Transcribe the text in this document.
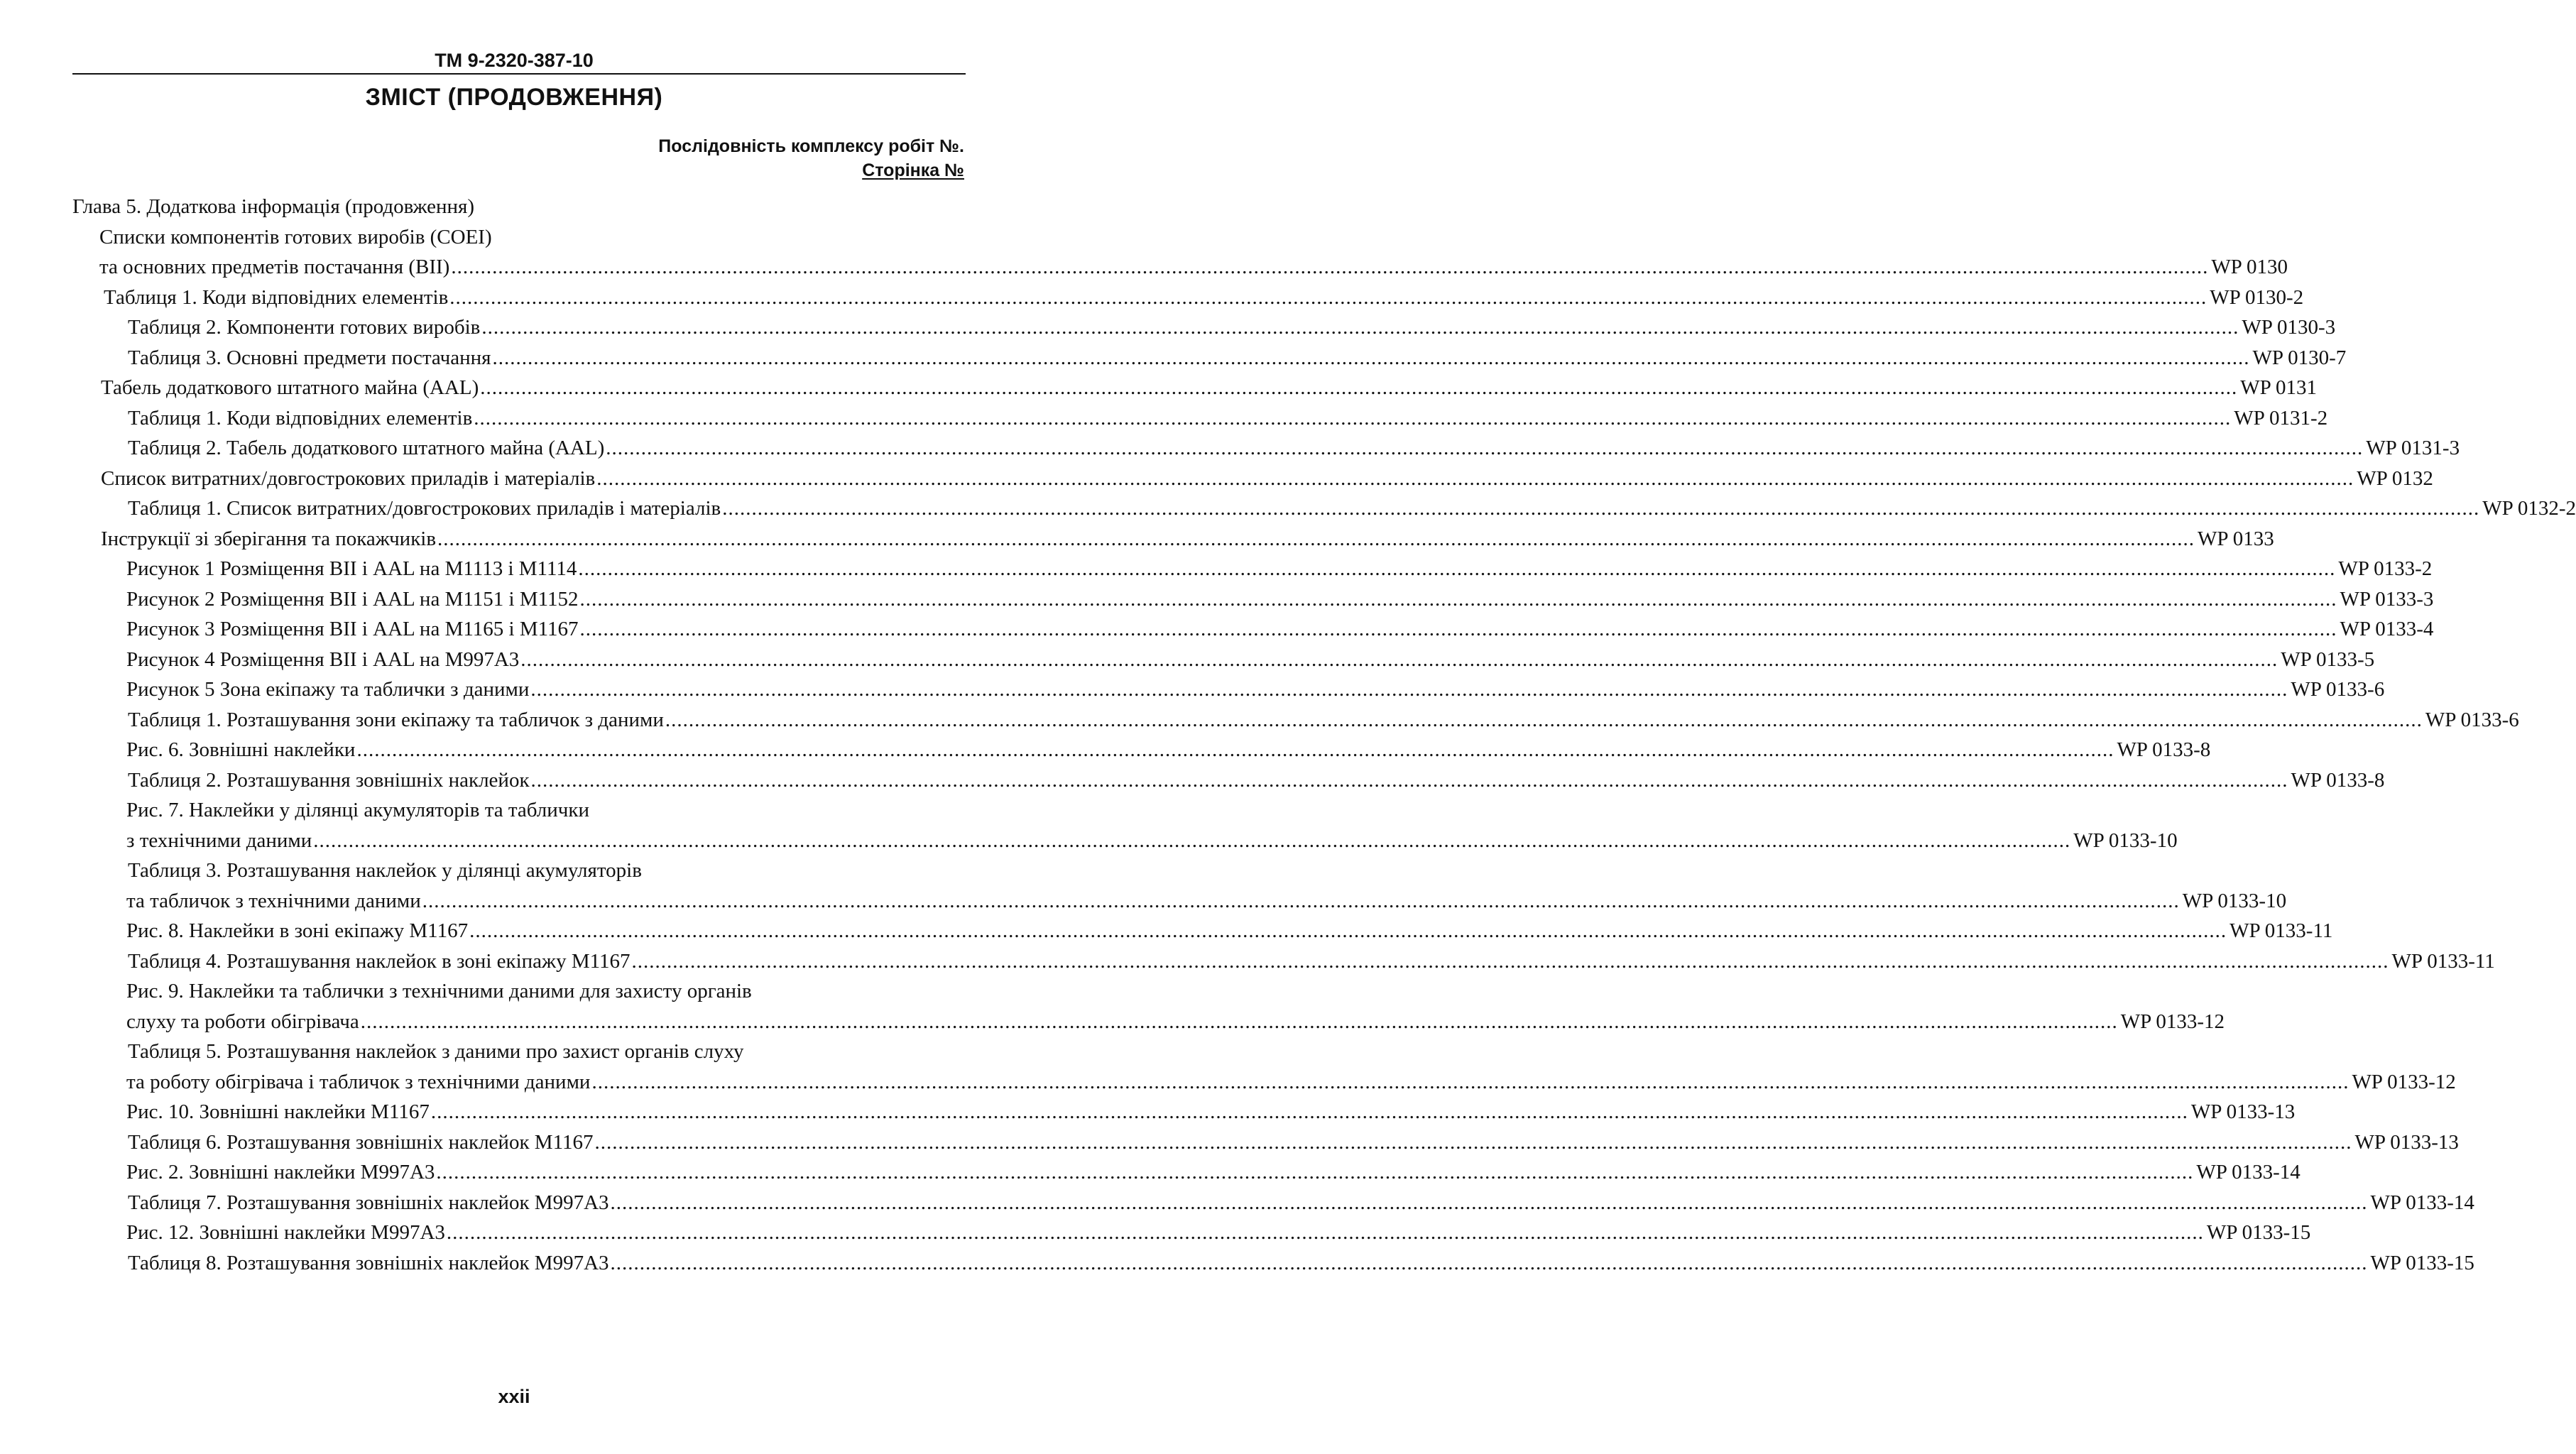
TM 9-2320-387-10
ЗМІСТ (ПРОДОВЖЕННЯ)
Послідовність комплексу робіт №.
Сторінка №
Глава 5. Додаткова інформація (продовження)
Списки компонентів готових виробів (COEI)
та основних предметів постачання (BII) ............................................................................................................................................................................................................................................................................................................ WP 0130
Таблиця 1. Коди відповідних елементів ............................................................................................................................................................................................................................................................................................................ WP 0130-2
Таблиця 2. Компоненти готових виробів ............................................................................................................................................................................................................................................................................................................ WP 0130-3
Таблиця 3. Основні предмети постачання ............................................................................................................................................................................................................................................................................................................ WP 0130-7
Табель додаткового штатного майна (AAL) ............................................................................................................................................................................................................................................................................................................ WP 0131
Таблиця 1. Коди відповідних елементів ............................................................................................................................................................................................................................................................................................................ WP 0131-2
Таблиця 2. Табель додаткового штатного майна (AAL) ............................................................................................................................................................................................................................................................................................................ WP 0131-3
Список витратних/довгострокових приладів і матеріалів ............................................................................................................................................................................................................................................................................................................ WP 0132
Таблиця 1. Список витратних/довгострокових приладів і матеріалів ............................................................................................................................................................................................................................................................................................................ WP 0132-2
Інструкції зі зберігання та покажчиків ............................................................................................................................................................................................................................................................................................................ WP 0133
Рисунок 1 Розміщення BII і AAL на M1113 і M1114 ............................................................................................................................................................................................................................................................................................................ WP 0133-2
Рисунок 2 Розміщення BII і AAL на M1151 і M1152 ............................................................................................................................................................................................................................................................................................................ WP 0133-3
Рисунок 3 Розміщення BII і AAL на M1165 і M1167 ............................................................................................................................................................................................................................................................................................................ WP 0133-4
Рисунок 4 Розміщення BII і AAL на M997A3 ............................................................................................................................................................................................................................................................................................................ WP 0133-5
Рисунок 5 Зона екіпажу та таблички з даними ............................................................................................................................................................................................................................................................................................................ WP 0133-6
Таблиця 1. Розташування зони екіпажу та табличок з даними ............................................................................................................................................................................................................................................................................................................ WP 0133-6
Рис. 6. Зовнішні наклейки ............................................................................................................................................................................................................................................................................................................ WP 0133-8
Таблиця 2. Розташування зовнішніх наклейок ............................................................................................................................................................................................................................................................................................................ WP 0133-8
Рис. 7. Наклейки у ділянці акумуляторів та таблички
з технічними даними ............................................................................................................................................................................................................................................................................................................ WP 0133-10
Таблиця 3. Розташування наклейок у ділянці акумуляторів
та табличок з технічними даними ............................................................................................................................................................................................................................................................................................................ WP 0133-10
Рис. 8. Наклейки в зоні екіпажу M1167 ............................................................................................................................................................................................................................................................................................................ WP 0133-11
Таблиця 4. Розташування наклейок в зоні екіпажу M1167 ............................................................................................................................................................................................................................................................................................................ WP 0133-11
Рис. 9. Наклейки та таблички з технічними даними для захисту органів
слуху та роботи обігрівача ............................................................................................................................................................................................................................................................................................................ WP 0133-12
Таблиця 5. Розташування наклейок з даними про захист органів слуху
та роботу обігрівача і табличок з технічними даними ............................................................................................................................................................................................................................................................................................................ WP 0133-12
Рис. 10. Зовнішні наклейки M1167 ............................................................................................................................................................................................................................................................................................................ WP 0133-13
Таблиця 6. Розташування зовнішніх наклейок M1167 ............................................................................................................................................................................................................................................................................................................ WP 0133-13
Рис. 2. Зовнішні наклейки M997A3 ............................................................................................................................................................................................................................................................................................................ WP 0133-14
Таблиця 7. Розташування зовнішніх наклейок M997A3 ............................................................................................................................................................................................................................................................................................................ WP 0133-14
Рис. 12. Зовнішні наклейки M997A3 ............................................................................................................................................................................................................................................................................................................ WP 0133-15
Таблиця 8. Розташування зовнішніх наклейок M997A3 ............................................................................................................................................................................................................................................................................................................ WP 0133-15
xxii
